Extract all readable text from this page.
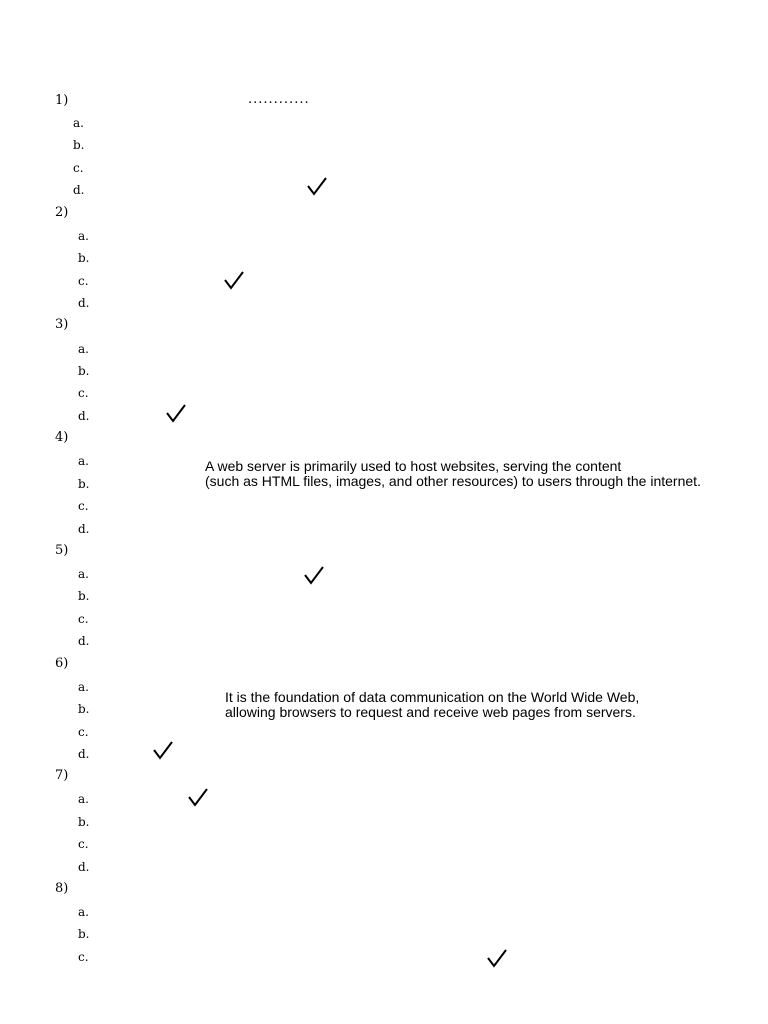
1)	............
a.
b.
c.
d.
2)
a.
b.
c.
d.
3)
a.
b.
c.
d.
4)
a.
b.
c.
d.
A web server is primarily used to host websites, serving the content
(such as HTML files, images, and other resources) to users through the internet.
5)
a.
b.
c.
d.
6)
a.
b.
c.
d.
It is the foundation of data communication on the World Wide Web,
allowing browsers to request and receive web pages from servers.
7)
a.
b.
c.
d.
8)
a.
b.
c.
